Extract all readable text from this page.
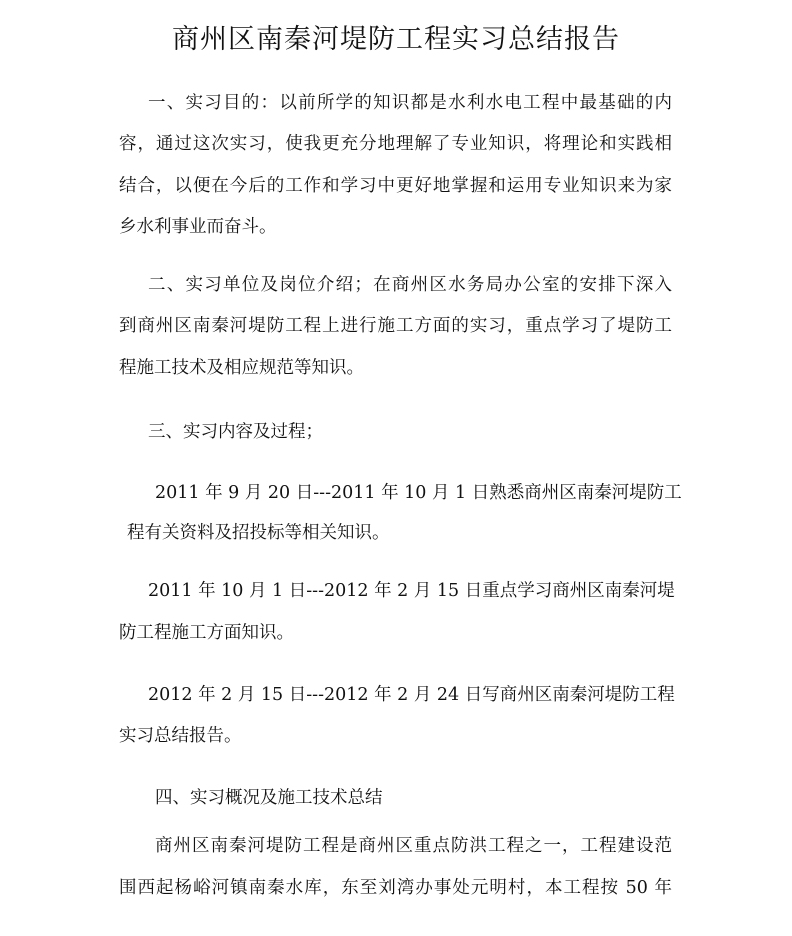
商州区南秦河堤防工程实习总结报告

一、实习目的：以前所学的知识都是水利水电工程中最基础的内

容，通过这次实习，使我更充分地理解了专业知识，将理论和实践相

结合，以便在今后的工作和学习中更好地掌握和运用专业知识来为家

乡水利事业而奋斗。

二、实习单位及岗位介绍；在商州区水务局办公室的安排下深入

到商州区南秦河堤防工程上进行施工方面的实习，重点学习了堤防工

程施工技术及相应规范等知识。

三、实习内容及过程；

2011 年 9 月 20 日---2011 年 10 月 1 日熟悉商州区南秦河堤防工

程有关资料及招投标等相关知识。

2011 年 10 月 1 日---2012 年 2 月 15 日重点学习商州区南秦河堤

防工程施工方面知识。

2012 年 2 月 15 日---2012 年 2 月 24 日写商州区南秦河堤防工程

实习总结报告。

四、实习概况及施工技术总结

商州区南秦河堤防工程是商州区重点防洪工程之一，工程建设范

围西起杨峪河镇南秦水库，东至刘湾办事处元明村，本工程按 50 年
